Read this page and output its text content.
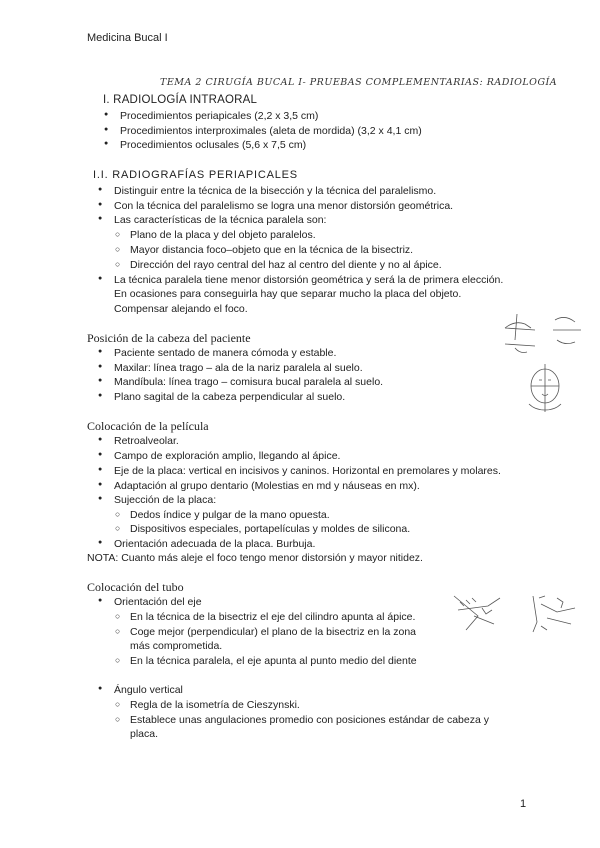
Medicina Bucal I
TEMA 2 CIRUGÍA BUCAL I- PRUEBAS COMPLEMENTARIAS: RADIOLOGÍA
I. RADIOLOGÍA INTRAORAL
● Procedimientos periapicales (2,2 x 3,5 cm)
● Procedimientos interproximales (aleta de mordida) (3,2 x 4,1 cm)
● Procedimientos oclusales (5,6 x 7,5 cm)
I.I. RADIOGRAFÍAS PERIAPICALES
● Distinguir entre la técnica de la bisección y la técnica del paralelismo.
● Con la técnica del paralelismo se logra una menor distorsión geométrica.
● Las características de la técnica paralela son:
○ Plano de la placa y del objeto paralelos.
○ Mayor distancia foco–objeto que en la técnica de la bisectriz.
○ Dirección del rayo central del haz al centro del diente y no al ápice.
● La técnica paralela tiene menor distorsión geométrica y será la de primera elección.
En ocasiones para conseguirla hay que separar mucho la placa del objeto.
Compensar alejando el foco.
Posición de la cabeza del paciente
● Paciente sentado de manera cómoda y estable.
● Maxilar: línea trago – ala de la nariz paralela al suelo.
● Mandíbula: línea trago – comisura bucal paralela al suelo.
● Plano sagital de la cabeza perpendicular al suelo.
Colocación de la película
● Retroalveolar.
● Campo de exploración amplio, llegando al ápice.
● Eje de la placa: vertical en incisivos y caninos. Horizontal en premolares y molares.
● Adaptación al grupo dentario (Molestias en md y náuseas en mx).
● Sujección de la placa:
○ Dedos índice y pulgar de la mano opuesta.
○ Dispositivos especiales, portapelículas y moldes de silicona.
● Orientación adecuada de la placa. Burbuja.
NOTA: Cuanto más aleje el foco tengo menor distorsión y mayor nitidez.
Colocación del tubo
● Orientación del eje
○ En la técnica de la bisectriz el eje del cilindro apunta al ápice.
○ Coge mejor (perpendicular) el plano de la bisectriz en la zona
más comprometida.
○ En la técnica paralela, el eje apunta al punto medio del diente
● Ángulo vertical
○ Regla de la isometría de Cieszynski.
○ Establece unas angulaciones promedio con posiciones estándar de cabeza y
placa.
1
